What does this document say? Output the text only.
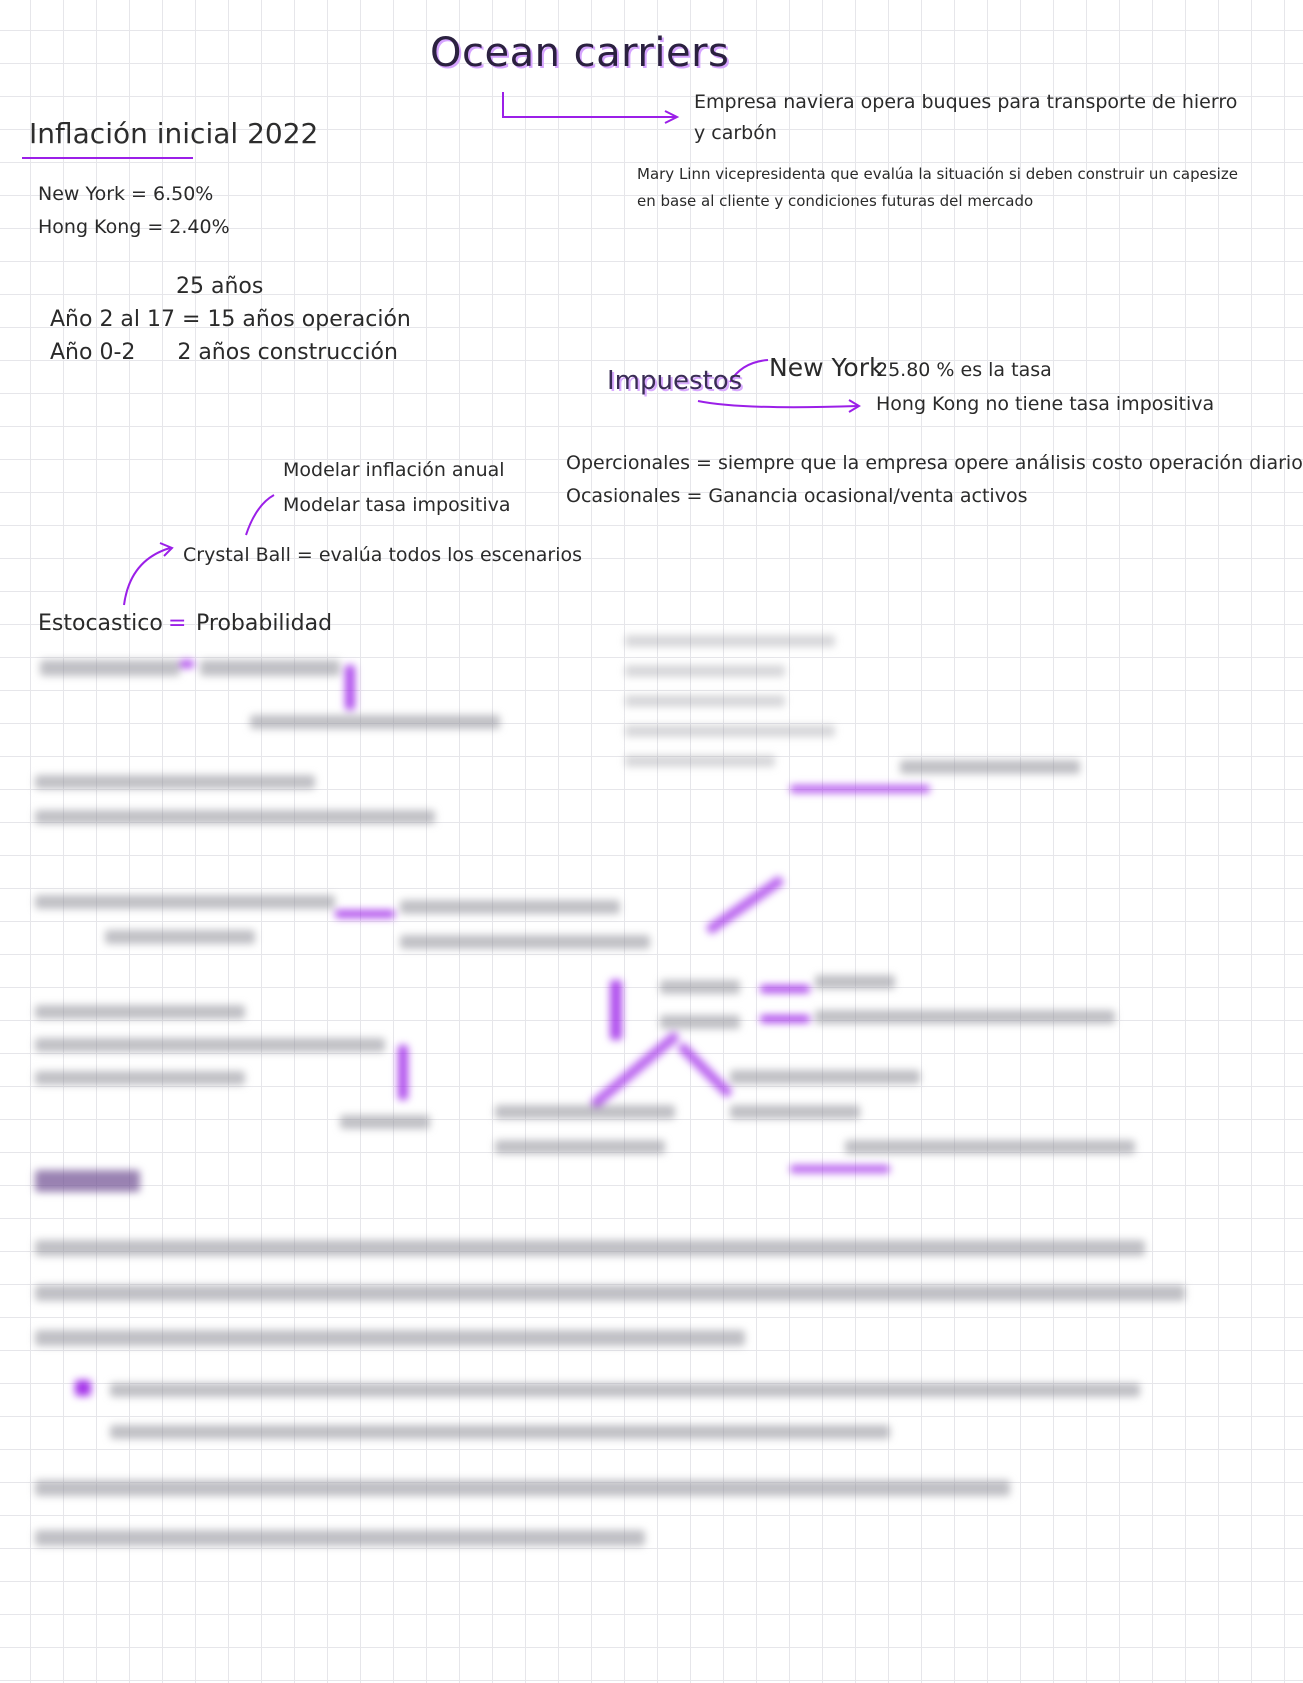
Ocean carriers
Empresa naviera opera buques para transporte de hierro
y carbón
Mary Linn vicepresidenta que evalúa la situación si deben construir un capesize
en base al cliente y condiciones futuras del mercado
Inflación inicial 2022
New York = 6.50%
Hong Kong = 2.40%
25 años
Año 2 al 17 = 15 años operación
Año 0-2      2 años construcción
Impuestos New York
25.80 % es la tasa
Hong Kong no tiene tasa impositiva
Opercionales = siempre que la empresa opere análisis costo operación diario
Ocasionales = Ganancia ocasional/venta activos
Modelar inflación anual
Modelar tasa impositiva
Crystal Ball = evalúa todos los escenarios
Estocastico = Probabilidad
